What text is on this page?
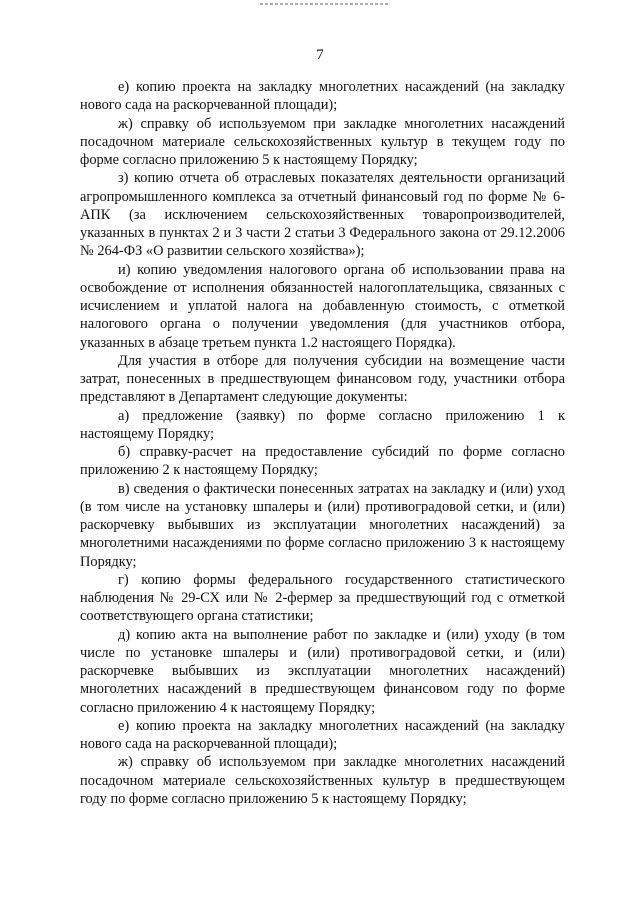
7

е) копию проекта на закладку многолетних насаждений (на закладку нового сада на раскорчеванной площади);

ж) справку об используемом при закладке многолетних насаждений посадочном материале сельскохозяйственных культур в текущем году по форме согласно приложению 5 к настоящему Порядку;

з) копию отчета об отраслевых показателях деятельности организаций агропромышленного комплекса за отчетный финансовый год по форме № 6-АПК (за исключением сельскохозяйственных товаропроизводителей, указанных в пунктах 2 и 3 части 2 статьи 3 Федерального закона от 29.12.2006 № 264-ФЗ «О развитии сельского хозяйства»);

и) копию уведомления налогового органа об использовании права на освобождение от исполнения обязанностей налогоплательщика, связанных с исчислением и уплатой налога на добавленную стоимость, с отметкой налогового органа о получении уведомления (для участников отбора, указанных в абзаце третьем пункта 1.2 настоящего Порядка).

Для участия в отборе для получения субсидии на возмещение части затрат, понесенных в предшествующем финансовом году, участники отбора представляют в Департамент следующие документы:

а) предложение (заявку) по форме согласно приложению 1 к настоящему Порядку;

б) справку-расчет на предоставление субсидий по форме согласно приложению 2 к настоящему Порядку;

в) сведения о фактически понесенных затратах на закладку и (или) уход (в том числе на установку шпалеры и (или) противоградовой сетки, и (или) раскорчевку выбывших из эксплуатации многолетних насаждений) за многолетними насаждениями по форме согласно приложению 3 к настоящему Порядку;

г) копию формы федерального государственного статистического наблюдения № 29-СХ или № 2-фермер за предшествующий год с отметкой соответствующего органа статистики;

д) копию акта на выполнение работ по закладке и (или) уходу (в том числе по установке шпалеры и (или) противоградовой сетки, и (или) раскорчевке выбывших из эксплуатации многолетних насаждений) многолетних насаждений в предшествующем финансовом году по форме согласно приложению 4 к настоящему Порядку;

е) копию проекта на закладку многолетних насаждений (на закладку нового сада на раскорчеванной площади);

ж) справку об используемом при закладке многолетних насаждений посадочном материале сельскохозяйственных культур в предшествующем году по форме согласно приложению 5 к настоящему Порядку;
